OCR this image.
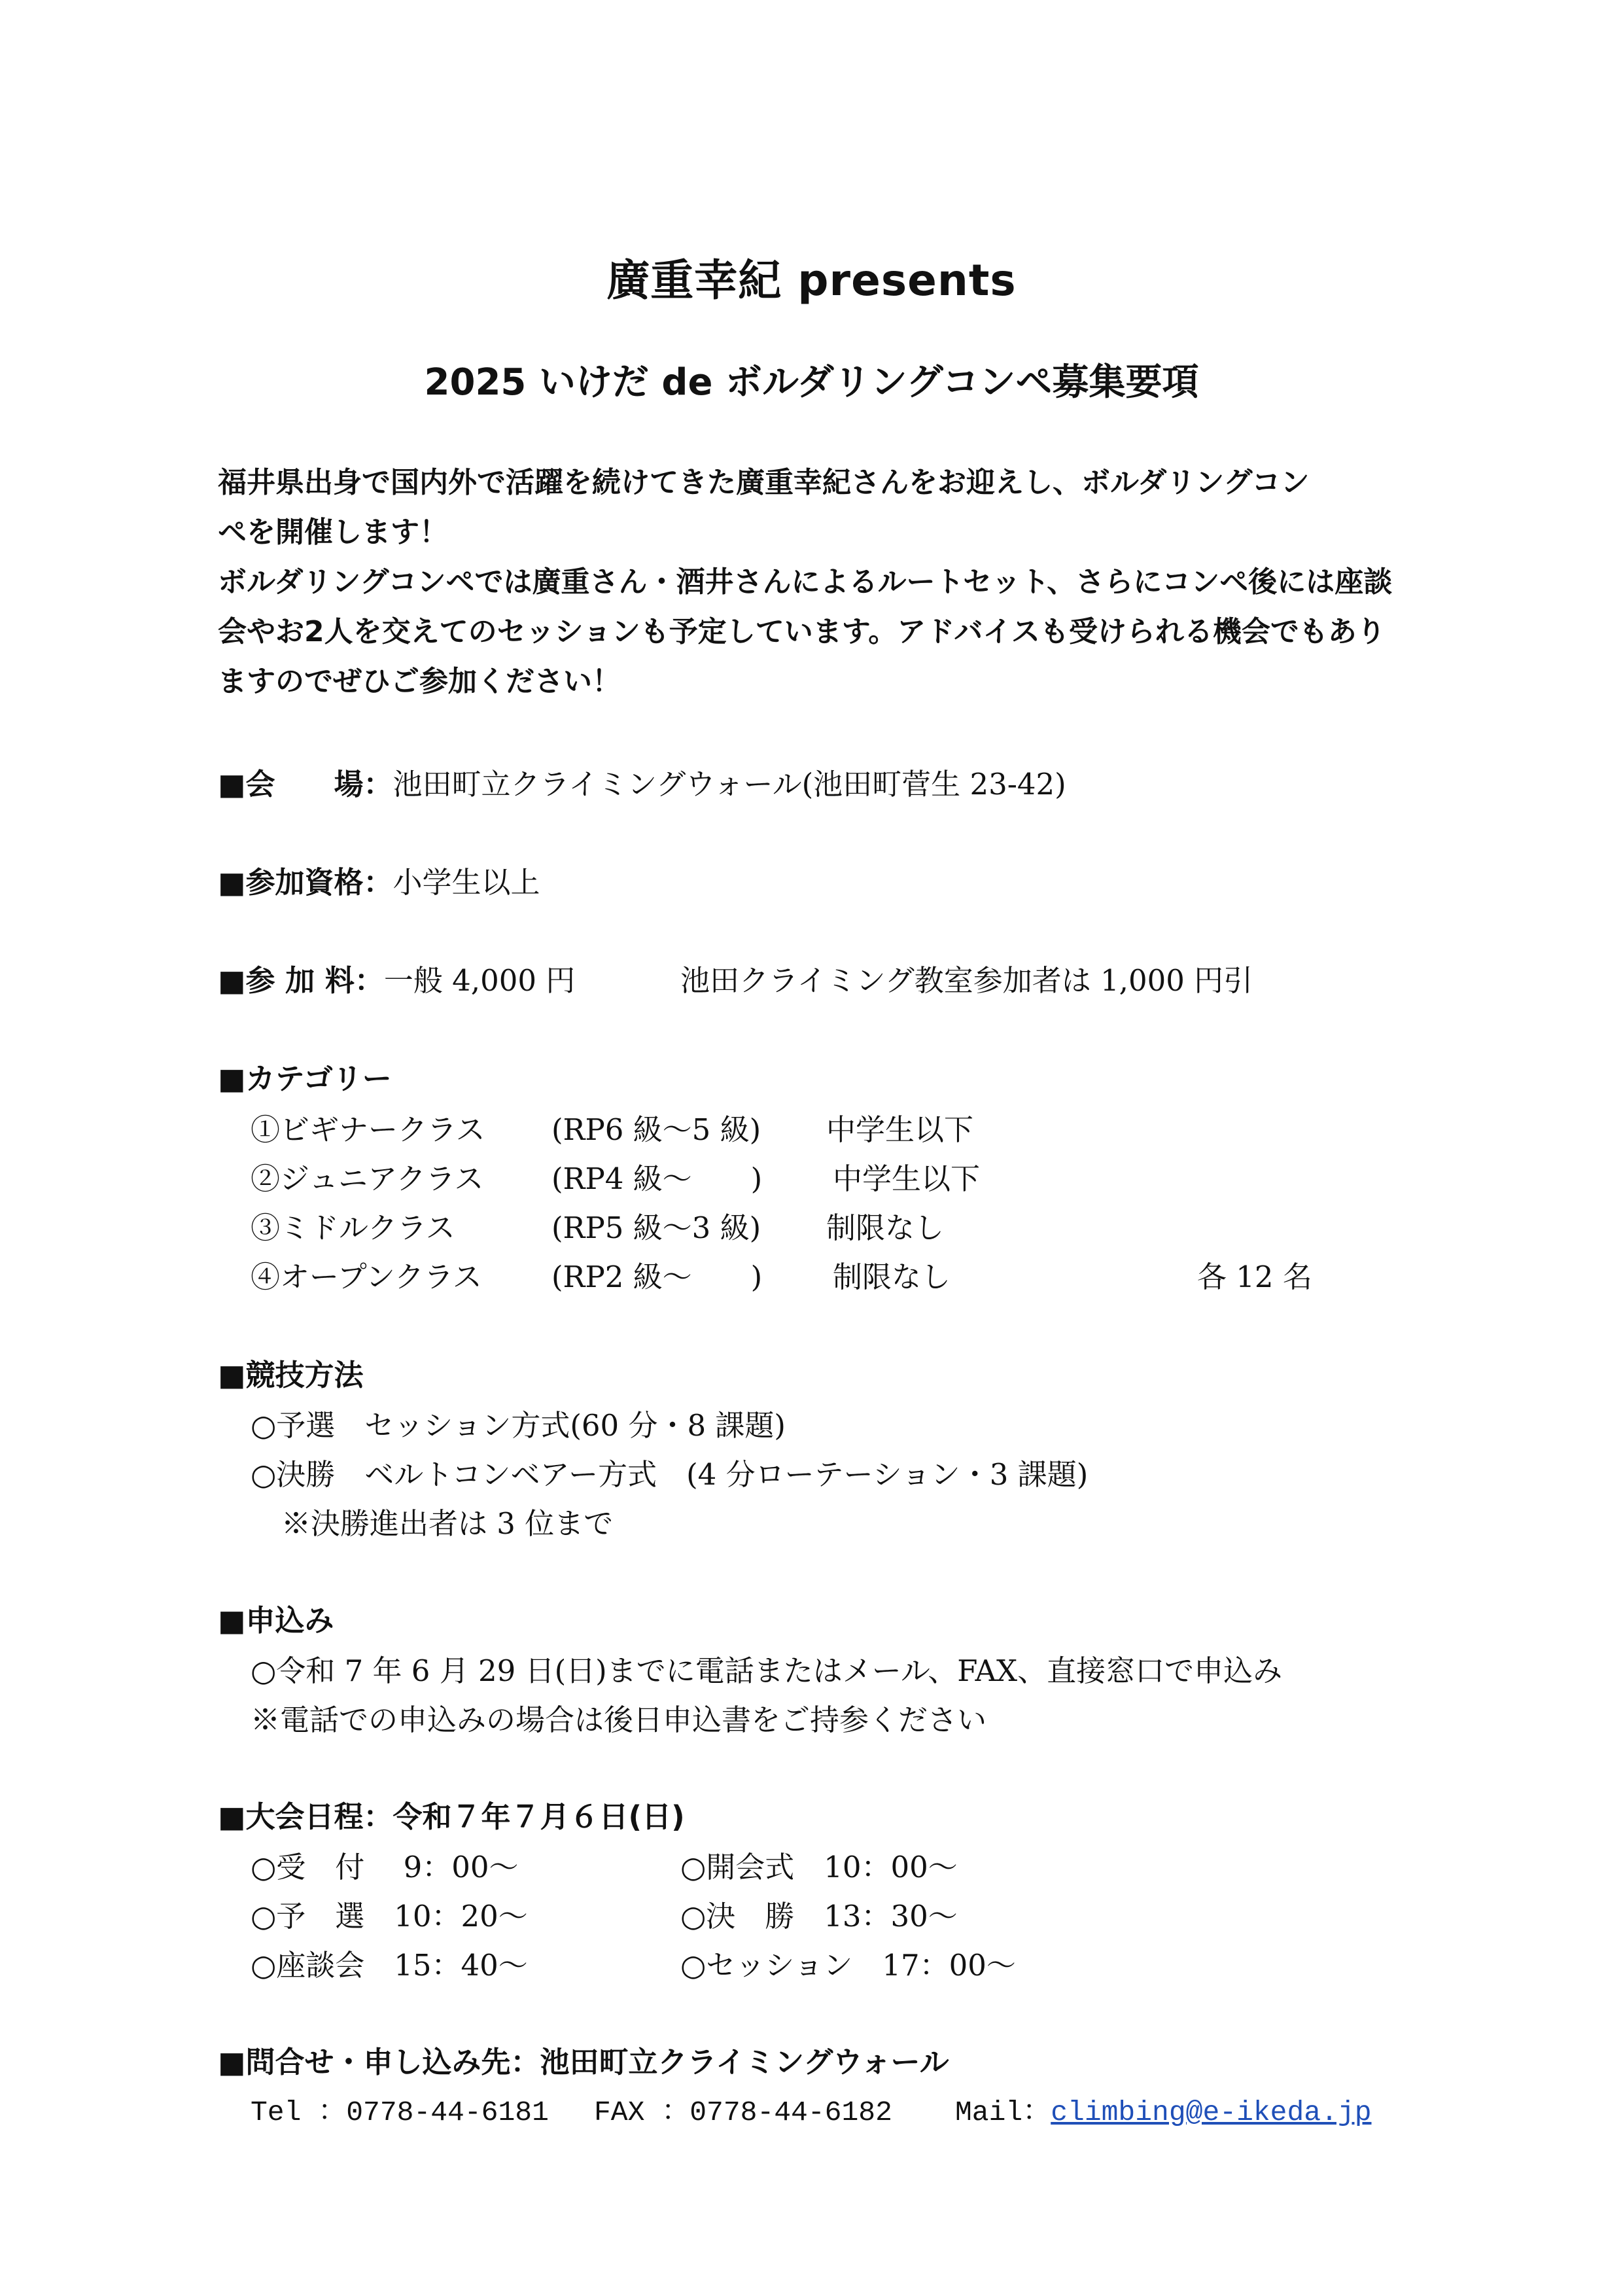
廣重幸紀 presents
2025 いけだ de ボルダリングコンペ募集要項

福井県出身で国内外で活躍を続けてきた廣重幸紀さんをお迎えし、ボルダリングコン

ペを開催します！

ボルダリングコンペでは廣重さん・酒井さんによるルートセット、さらにコンペ後には座談

会やお2人を交えてのセッションも予定しています。アドバイスも受けられる機会でもあり

ますのでぜひご参加ください！

■会　　場：池田町立クライミングウォール(池田町菅生 23-42)
■参加資格：小学生以上
■参 加 料：一般 4,000 円	池田クライミング教室参加者は 1,000 円引
■カテゴリー
①ビギナークラス (RP6 級～5 級) 中学生以下
②ジュニアクラス (RP4 級～　　) 中学生以下
③ミドルクラス	(RP5 級～3 級) 制限なし
④オープンクラス (RP2 級～　　) 制限なし	各 12 名
■競技方法
○予選　セッション方式(60 分・8 課題)
○決勝　ベルトコンベアー方式　(4 分ローテーション・3 課題)
※決勝進出者は 3 位まで
■申込み
○令和 7 年 6 月 29 日(日)までに電話またはメール、FAX、直接窓口で申込み
※電話での申込みの場合は後日申込書をご持参ください
■大会日程：令和７年７月６日(日)
○受　付　 9：00～	○開会式　10：00～
○予　選　10：20～	○決　勝　13：30～
○座談会　15：40～	○セッション　17：00～
■問合せ・申し込み先：池田町立クライミングウォール
Tel ：0778-44-6181 FAX ：0778-44-6182 Mail：climbing@e-ikeda.jp
